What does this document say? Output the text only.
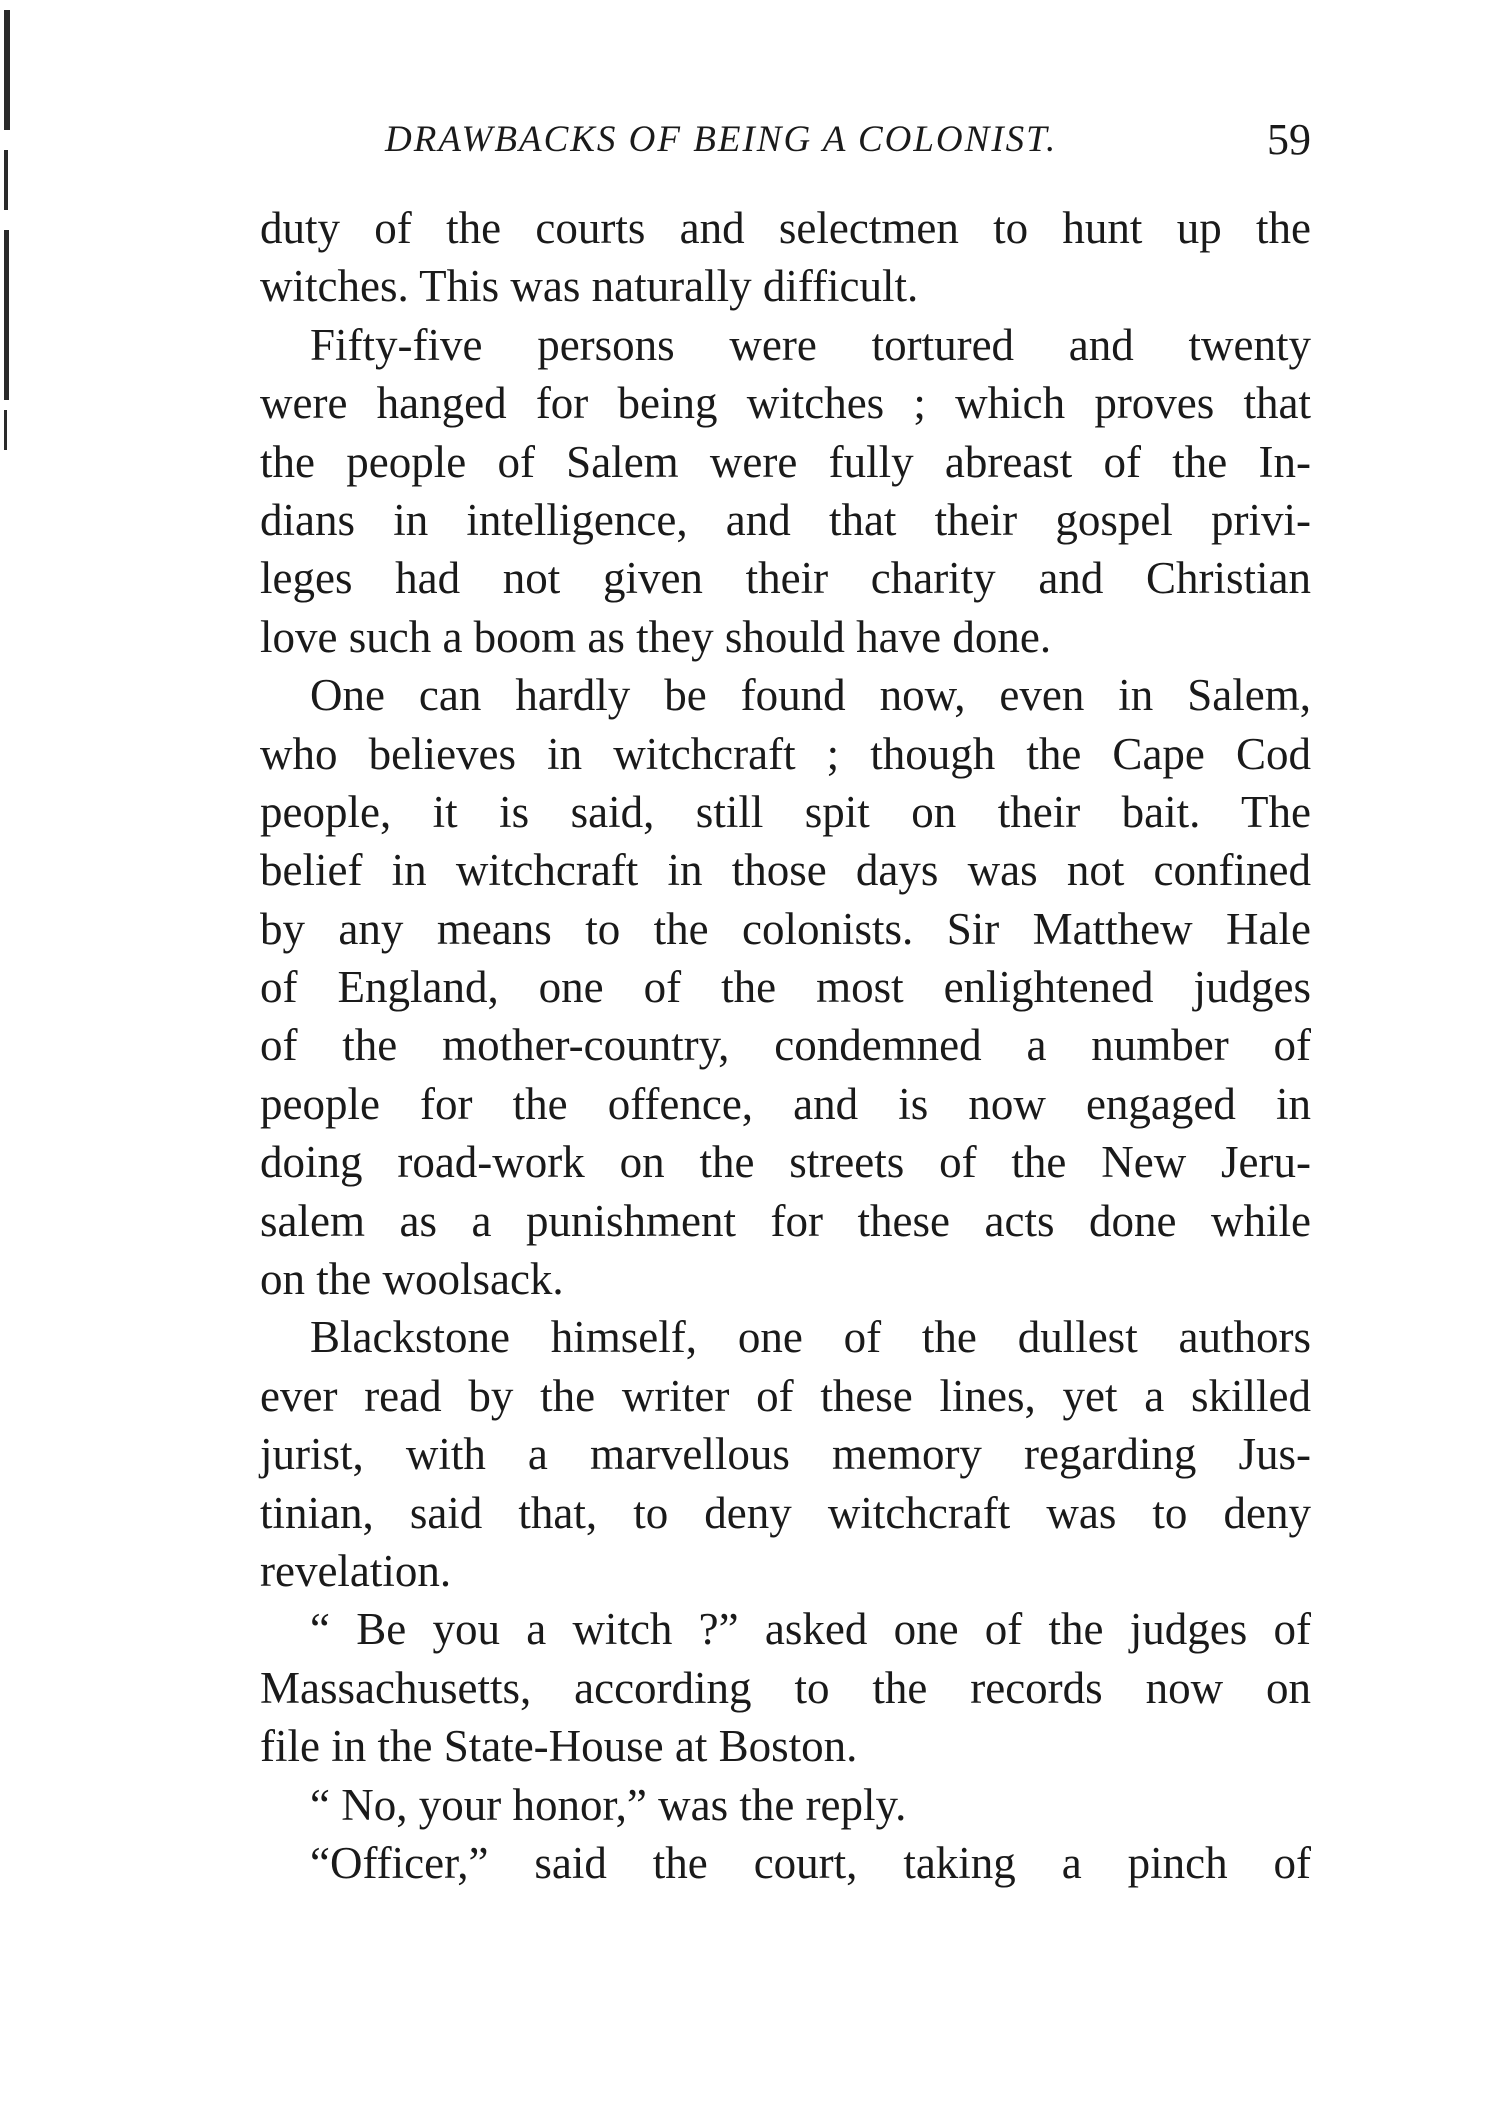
DRAWBACKS OF BEING A COLONIST.	59
duty of the courts and selectmen to hunt up the
witches. This was naturally difficult.
Fifty-five persons were tortured and twenty
were hanged for being witches ; which proves that
the people of Salem were fully abreast of the In-
dians in intelligence, and that their gospel privi-
leges had not given their charity and Christian
love such a boom as they should have done.
One can hardly be found now, even in Salem,
who believes in witchcraft ; though the Cape Cod
people, it is said, still spit on their bait. The
belief in witchcraft in those days was not confined
by any means to the colonists. Sir Matthew Hale
of England, one of the most enlightened judges
of the mother-country, condemned a number of
people for the offence, and is now engaged in
doing road-work on the streets of the New Jeru-
salem as a punishment for these acts done while
on the woolsack.
Blackstone himself, one of the dullest authors
ever read by the writer of these lines, yet a skilled
jurist, with a marvellous memory regarding Jus-
tinian, said that, to deny witchcraft was to deny
revelation.
“ Be you a witch ?” asked one of the judges of
Massachusetts, according to the records now on
file in the State-House at Boston.
“ No, your honor,” was the reply.
“Officer,” said the court, taking a pinch of
